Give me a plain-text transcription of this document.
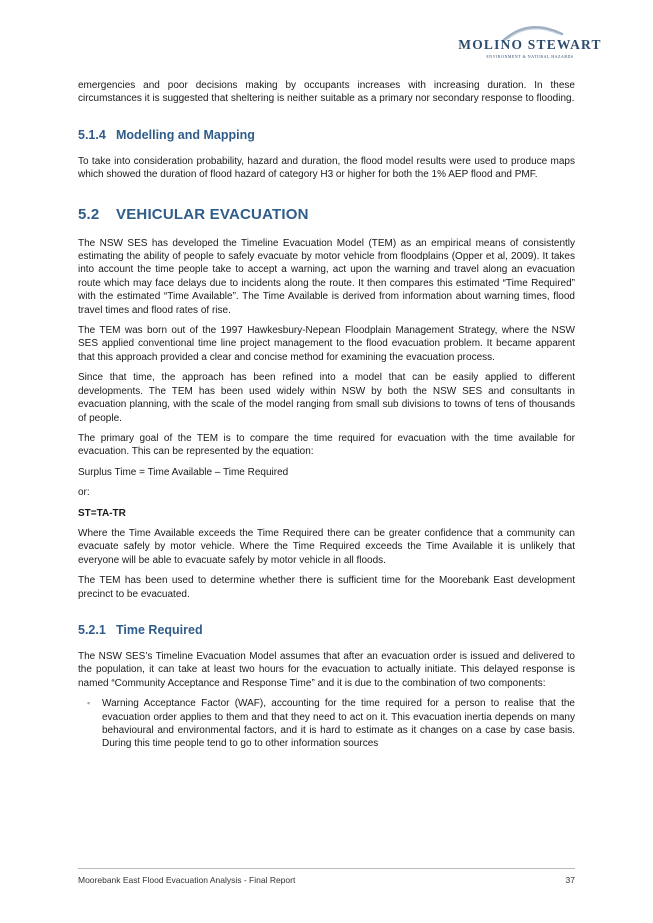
MOLINO STEWART
ENVIRONMENT & NATURAL HAZARDS

emergencies and poor decisions making by occupants increases with increasing duration. In these circumstances it is suggested that sheltering is neither suitable as a primary nor secondary response to flooding.

5.1.4 Modelling and Mapping

To take into consideration probability, hazard and duration, the flood model results were used to produce maps which showed the duration of flood hazard of category H3 or higher for both the 1% AEP flood and PMF.

5.2 VEHICULAR EVACUATION

The NSW SES has developed the Timeline Evacuation Model (TEM) as an empirical means of consistently estimating the ability of people to safely evacuate by motor vehicle from floodplains (Opper et al, 2009). It takes into account the time people take to accept a warning, act upon the warning and travel along an evacuation route which may face delays due to incidents along the route. It then compares this estimated “Time Required” with the estimated “Time Available”. The Time Available is derived from information about warning times, flood travel times and flood rates of rise.

The TEM was born out of the 1997 Hawkesbury-Nepean Floodplain Management Strategy, where the NSW SES applied conventional time line project management to the flood evacuation problem. It became apparent that this approach provided a clear and concise method for examining the evacuation process.

Since that time, the approach has been refined into a model that can be easily applied to different developments. The TEM has been used widely within NSW by both the NSW SES and consultants in evacuation planning, with the scale of the model ranging from small sub divisions to towns of tens of thousands of people.

The primary goal of the TEM is to compare the time required for evacuation with the time available for evacuation. This can be represented by the equation:

Surplus Time = Time Available – Time Required

or:

ST=TA-TR

Where the Time Available exceeds the Time Required there can be greater confidence that a community can evacuate safely by motor vehicle. Where the Time Required exceeds the Time Available it is unlikely that everyone will be able to evacuate safely by motor vehicle in all floods.

The TEM has been used to determine whether there is sufficient time for the Moorebank East development precinct to be evacuated.

5.2.1 Time Required

The NSW SES’s Timeline Evacuation Model assumes that after an evacuation order is issued and delivered to the population, it can take at least two hours for the evacuation to actually initiate. This delayed response is named “Community Acceptance and Response Time” and it is due to the combination of two components:

▪ Warning Acceptance Factor (WAF), accounting for the time required for a person to realise that the evacuation order applies to them and that they need to act on it. This evacuation inertia depends on many behavioural and environmental factors, and it is hard to estimate as it changes on a case by case basis. During this time people tend to go to other information sources
Moorebank East Flood Evacuation Analysis - Final Report	37
